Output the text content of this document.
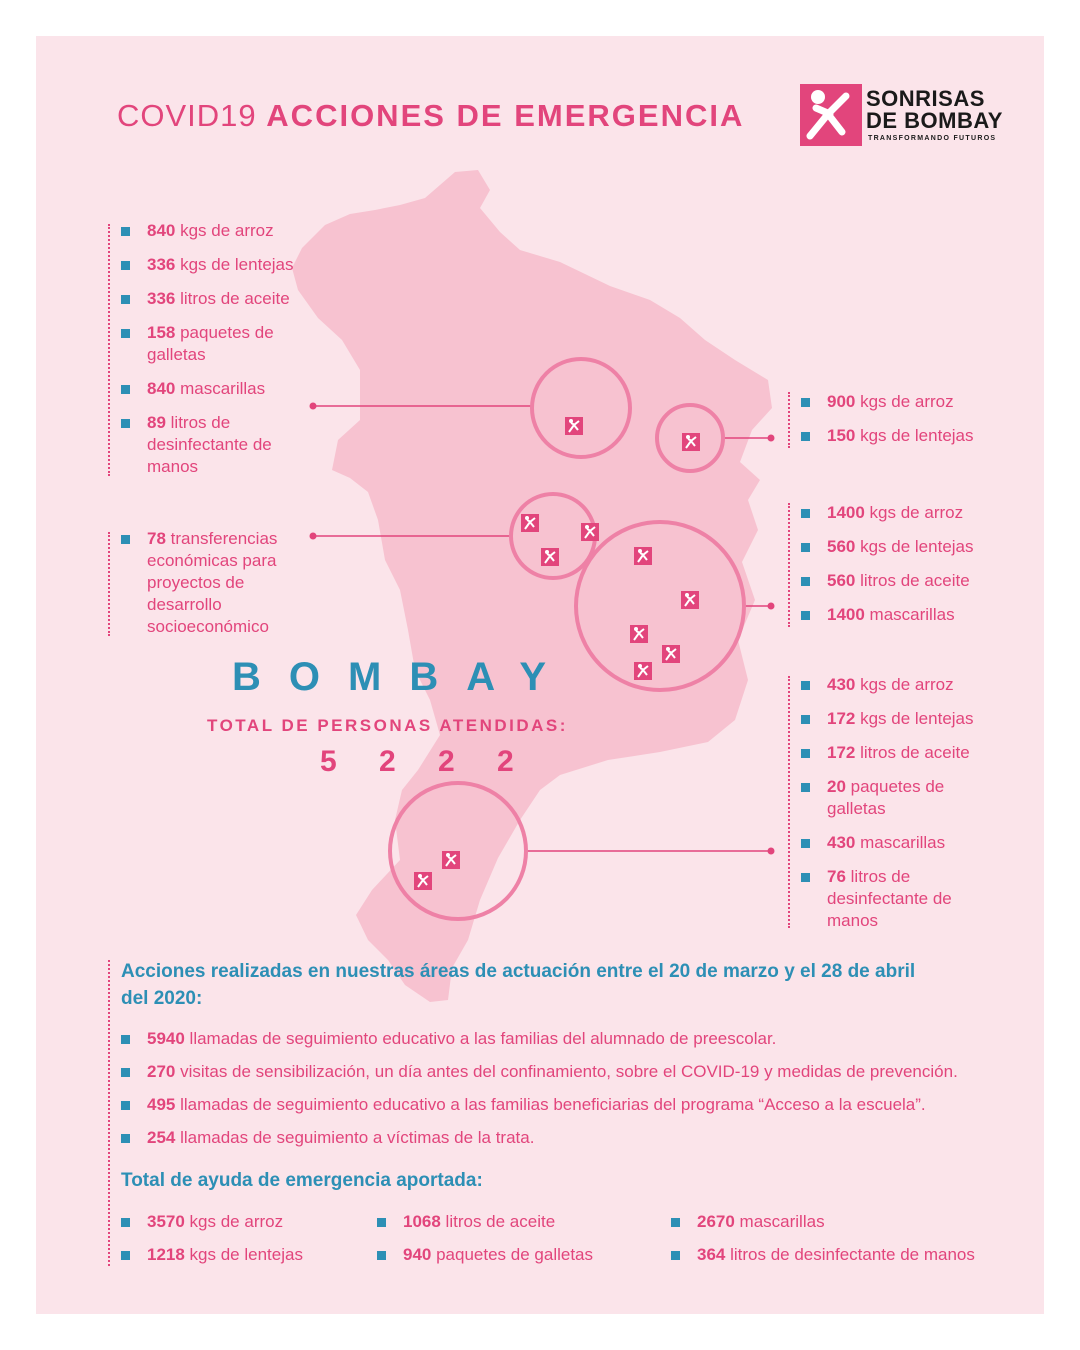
COVID19 ACCIONES DE EMERGENCIA	SONRISAS
DE BOMBAY
TRANSFORMANDO FUTUROS
840 kgs de arroz
336 kgs de lentejas
336 litros de aceite
158 paquetes de galletas
840 mascarillas
89 litros de desinfectante de manos
78 transferencias económicas para proyectos de desarrollo socioeconómico
900 kgs de arroz
150 kgs de lentejas
1400 kgs de arroz
560 kgs de lentejas
560 litros de aceite
1400 mascarillas
430 kgs de arroz
172 kgs de lentejas
172 litros de aceite
20 paquetes de galletas
430 mascarillas
76 litros de desinfectante de manos
BOMBAY
TOTAL DE PERSONAS ATENDIDAS:
5 2 2 2
Acciones realizadas en nuestras áreas de actuación entre el 20 de marzo y el 28 de abril del 2020:
5940 llamadas de seguimiento educativo a las familias del alumnado de preescolar.
270 visitas de sensibilización, un día antes del confinamiento, sobre el COVID-19 y medidas de prevención.
495 llamadas de seguimiento educativo a las familias beneficiarias del programa “Acceso a la escuela”.
254 llamadas de seguimiento a víctimas de la trata.
Total de ayuda de emergencia aportada:
3570 kgs de arroz
1218 kgs de lentejas
1068 litros de aceite
940 paquetes de galletas
2670 mascarillas
364 litros de desinfectante de manos
